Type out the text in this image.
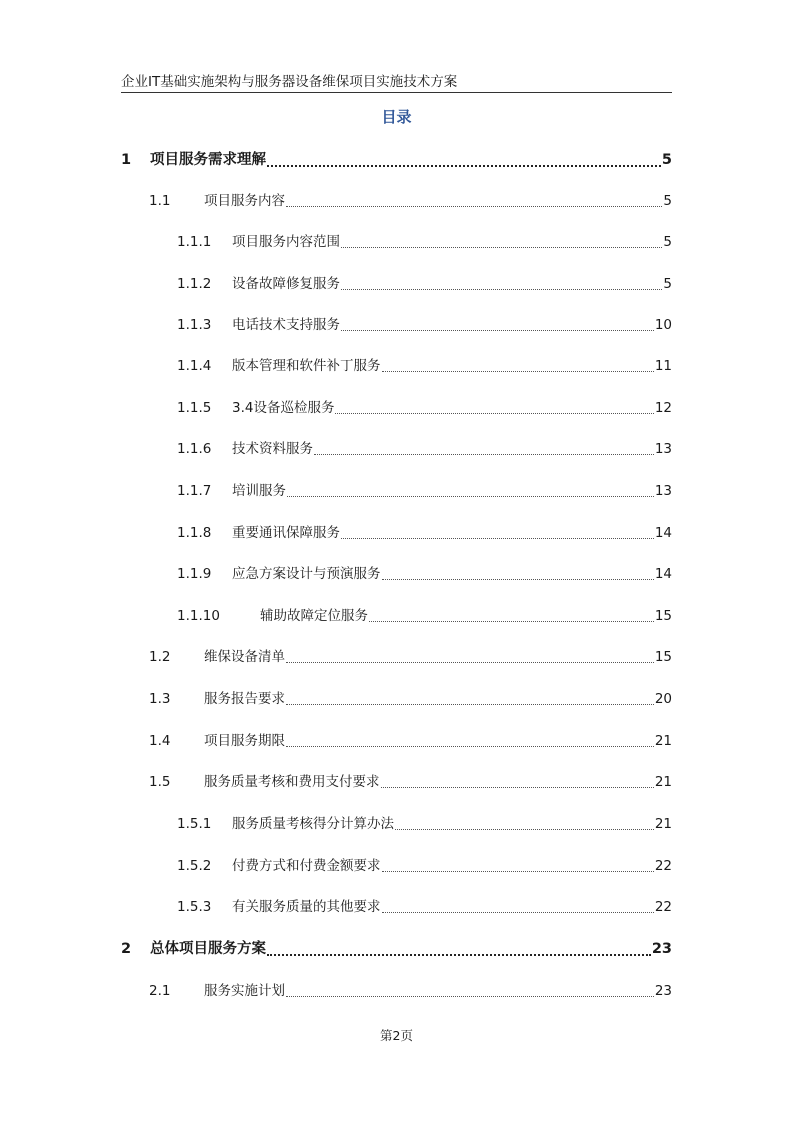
企业IT基础实施架构与服务器设备维保项目实施技术方案
目录
1	项目服务需求理解	5
1.1	项目服务内容	5
1.1.1	项目服务内容范围	5
1.1.2	设备故障修复服务	5
1.1.3	电话技术支持服务	10
1.1.4	版本管理和软件补丁服务	11
1.1.5	3.4设备巡检服务	12
1.1.6	技术资料服务	13
1.1.7	培训服务	13
1.1.8	重要通讯保障服务	14
1.1.9	应急方案设计与预演服务	14
1.1.10	辅助故障定位服务	15
1.2	维保设备清单	15
1.3	服务报告要求	20
1.4	项目服务期限	21
1.5	服务质量考核和费用支付要求	21
1.5.1	服务质量考核得分计算办法	21
1.5.2	付费方式和付费金额要求	22
1.5.3	有关服务质量的其他要求	22
2	总体项目服务方案	23
2.1	服务实施计划	23
第2页
